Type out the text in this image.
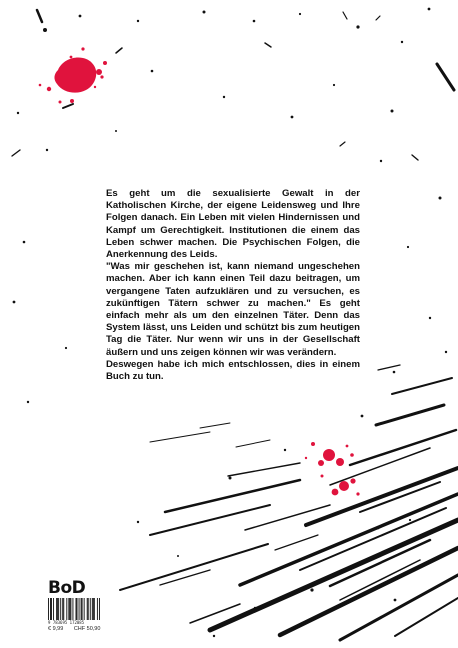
Es geht um die sexualisierte Gewalt in der Katholischen Kirche, der eigene Leidensweg und Ihre Folgen danach. Ein Leben mit vielen Hindernissen und Kampf um Gerechtigkeit. Institutionen die einem das Leben schwer machen. Die Psychischen Folgen, die Anerkennung des Leids.

"Was mir geschehen ist, kann niemand ungeschehen machen. Aber ich kann einen Teil dazu beitragen, um vergangene Taten aufzuklären und zu versuchen, es zukünftigen Tätern schwer zu machen." Es geht einfach mehr als um den einzelnen Täter. Denn das System lässt, uns Leiden und schützt bis zum heutigen Tag die Täter. Nur wenn wir uns in der Gesellschaft äußern und uns zeigen können wir was verändern.

Deswegen habe ich mich entschlossen, dies in einem Buch zu tun.

BoD
9 783695 172085
€ 9,99 CHF 50,90
